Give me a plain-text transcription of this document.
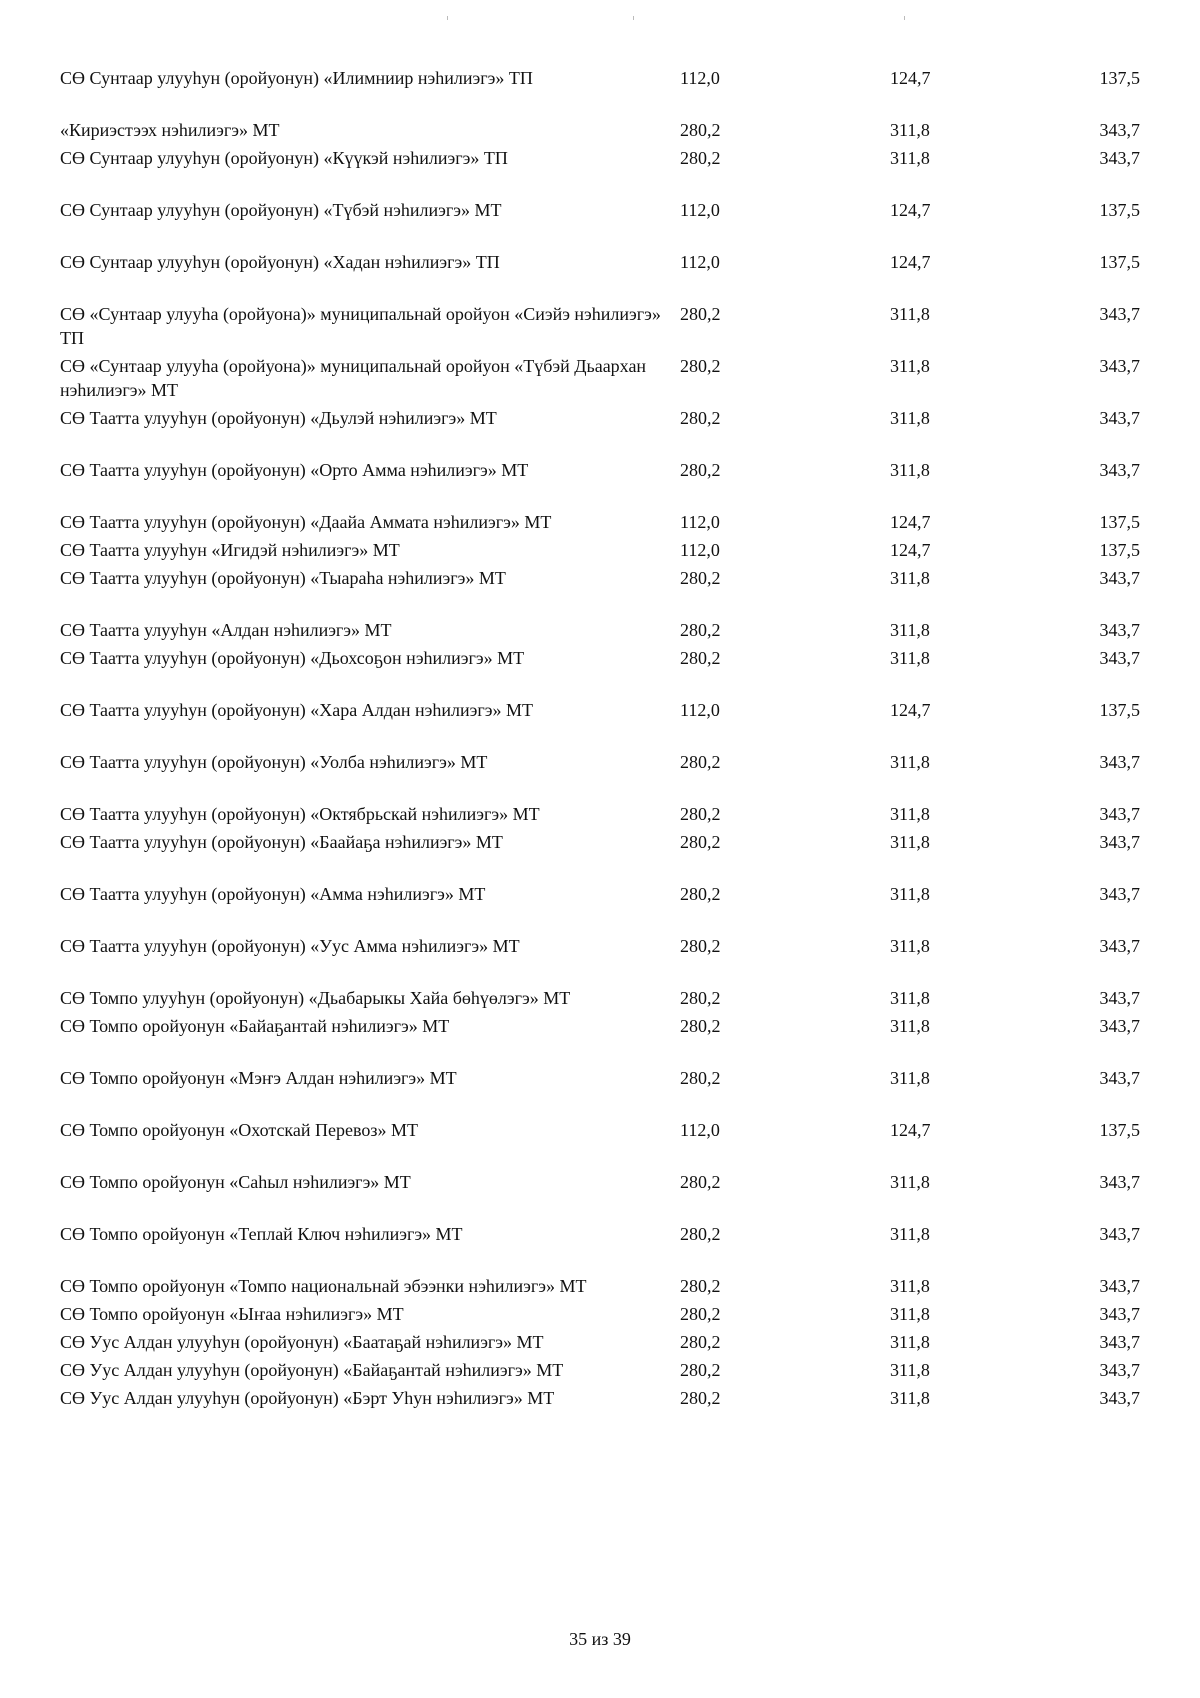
СӨ Сунтаар улууһун (оройуонун) «Илимниир нэһилиэгэ» ТП	112,0	124,7	137,5
«Кириэстээх нэһилиэгэ» МТ	280,2	311,8	343,7
СӨ Сунтаар улууһун (оройуонун) «Күүкэй нэһилиэгэ» ТП	280,2	311,8	343,7
СӨ Сунтаар улууһун (оройуонун) «Түбэй нэһилиэгэ» МТ	112,0	124,7	137,5
СӨ Сунтаар улууһун (оройуонун) «Хадан нэһилиэгэ» ТП	112,0	124,7	137,5
СӨ «Сунтаар улууһа (оройуона)» муниципальнай оройуон «Сиэйэ нэһилиэгэ» ТП	280,2	311,8	343,7
СӨ «Сунтаар улууһа (оройуона)» муниципальнай оройуон «Түбэй Дьаархан нэһилиэгэ» МТ	280,2	311,8	343,7
СӨ Таатта улууһун (оройуонун) «Дьулэй нэһилиэгэ» МТ	280,2	311,8	343,7
СӨ Таатта улууһун (оройуонун) «Орто Амма нэһилиэгэ» МТ	280,2	311,8	343,7
СӨ Таатта улууһун (оройуонун) «Даайа Аммата нэһилиэгэ» МТ	112,0	124,7	137,5
СӨ Таатта улууһун «Игидэй нэһилиэгэ» МТ	112,0	124,7	137,5
СӨ Таатта улууһун (оройуонун) «Тыараһа нэһилиэгэ» МТ	280,2	311,8	343,7
СӨ Таатта улууһун «Алдан нэһилиэгэ» МТ	280,2	311,8	343,7
СӨ Таатта улууһун (оройуонун) «Дьохсоҕон нэһилиэгэ» МТ	280,2	311,8	343,7
СӨ Таатта улууһун (оройуонун) «Хара Алдан нэһилиэгэ» МТ	112,0	124,7	137,5
СӨ Таатта улууһун (оройуонун) «Уолба нэһилиэгэ» МТ	280,2	311,8	343,7
СӨ Таатта улууһун (оройуонун) «Октябрьскай нэһилиэгэ» МТ	280,2	311,8	343,7
СӨ Таатта улууһун (оройуонун) «Баайаҕа нэһилиэгэ» МТ	280,2	311,8	343,7
СӨ Таатта улууһун (оройуонун) «Амма нэһилиэгэ» МТ	280,2	311,8	343,7
СӨ Таатта улууһун (оройуонун) «Уус Амма нэһилиэгэ» МТ	280,2	311,8	343,7
СӨ Томпо улууһун (оройуонун) «Дьабарыкы Хайа бөһүөлэгэ» МТ	280,2	311,8	343,7
СӨ Томпо оройуонун «Байаҕантай нэһилиэгэ» МТ	280,2	311,8	343,7
СӨ Томпо оройуонун «Мэҥэ Алдан нэһилиэгэ» МТ	280,2	311,8	343,7
СӨ Томпо оройуонун «Охотскай Перевоз» МТ	112,0	124,7	137,5
СӨ Томпо оройуонун «Саһыл нэһилиэгэ» МТ	280,2	311,8	343,7
СӨ Томпо оройуонун «Теплай Ключ нэһилиэгэ» МТ	280,2	311,8	343,7
СӨ Томпо оройуонун «Томпо национальнай эбээнки нэһилиэгэ» МТ	280,2	311,8	343,7
СӨ Томпо оройуонун «Ыҥаа нэһилиэгэ» МТ	280,2	311,8	343,7
СӨ Уус Алдан улууһун (оройуонун) «Баатаҕай нэһилиэгэ» МТ	280,2	311,8	343,7
СӨ Уус Алдан улууһун (оройуонун) «Байаҕантай нэһилиэгэ» МТ	280,2	311,8	343,7
СӨ Уус Алдан улууһун (оройуонун) «Бэрт Уһун нэһилиэгэ» МТ	280,2	311,8	343,7
35 из 39
